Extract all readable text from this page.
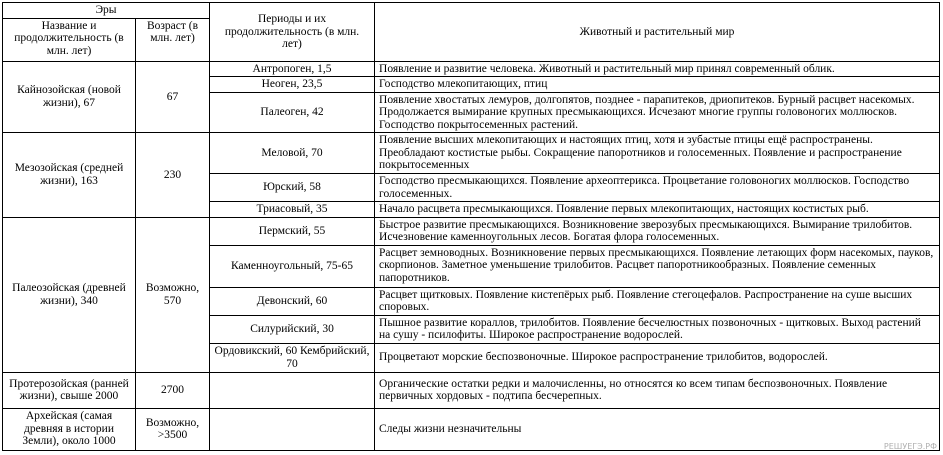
Эры		Периоды и их продолжительность (в млн. лет)	Животный и растительный мир
Название и продолжительность (в млн. лет)	Возраст (в млн. лет)		
Кайнозойская (новой жизни), 67	67	Антропоген, 1,5	Появление и развитие человека. Животный и растительный мир принял современный облик.
		Неоген, 23,5	Господство млекопитающих, птиц
		Палеоген, 42	Появление хвостатых лемуров, долгопятов, позднее - парапитеков, дриопитеков. Бурный расцвет насекомых. Продолжается вымирание крупных пресмыкающихся. Исчезают многие группы головоногих моллюсков. Господство покрытосеменных растений.
Мезозойская (средней жизни), 163	230	Меловой, 70	Появление высших млекопитающих и настоящих птиц, хотя и зубастые птицы ещё распространены. Преобладают костистые рыбы. Сокращение папоротников и голосеменных. Появление и распространение покрытосеменных
		Юрский, 58	Господство пресмыкающихся. Появление археоптерикса. Процветание головоногих моллюсков. Господство голосеменных.
		Триасовый, 35	Начало расцвета пресмыкающихся. Появление первых млекопитающих, настоящих костистых рыб.
Палеозойская (древней жизни), 340	Возможно, 570	Пермский, 55	Быстрое развитие пресмыкающихся. Возникновение зверозубых пресмыкающихся. Вымирание трилобитов. Исчезновение каменноугольных лесов. Богатая флора голосеменных.
		Каменноугольный, 75-65	Расцвет земноводных. Возникновение первых пресмыкающихся. Появление летающих форм насекомых, пауков, скорпионов. Заметное уменьшение трилобитов. Расцвет папоротникообразных. Появление семенных папоротников.
		Девонский, 60	Расцвет щитковых. Появление кистепёрых рыб. Появление стегоцефалов. Распространение на суше высших споровых.
		Силурийский, 30	Пышное развитие кораллов, трилобитов. Появление бесчелюстных позвоночных - щитковых. Выход растений на сушу - псилофиты. Широкое распространение водорослей.
		Ордовикский, 60 Кембрийский, 70	Процветают морские беспозвоночные. Широкое распространение трилобитов, водорослей.
Протерозойская (ранней жизни), свыше 2000	2700		Органические остатки редки и малочисленны, но относятся ко всем типам беспозвоночных. Появление первичных хордовых - подтипа бесчерепных.
Архейская (самая древняя в истории Земли), около 1000	Возможно, >3500		Следы жизни незначительны
РЕШУЕГЭ.РФ
